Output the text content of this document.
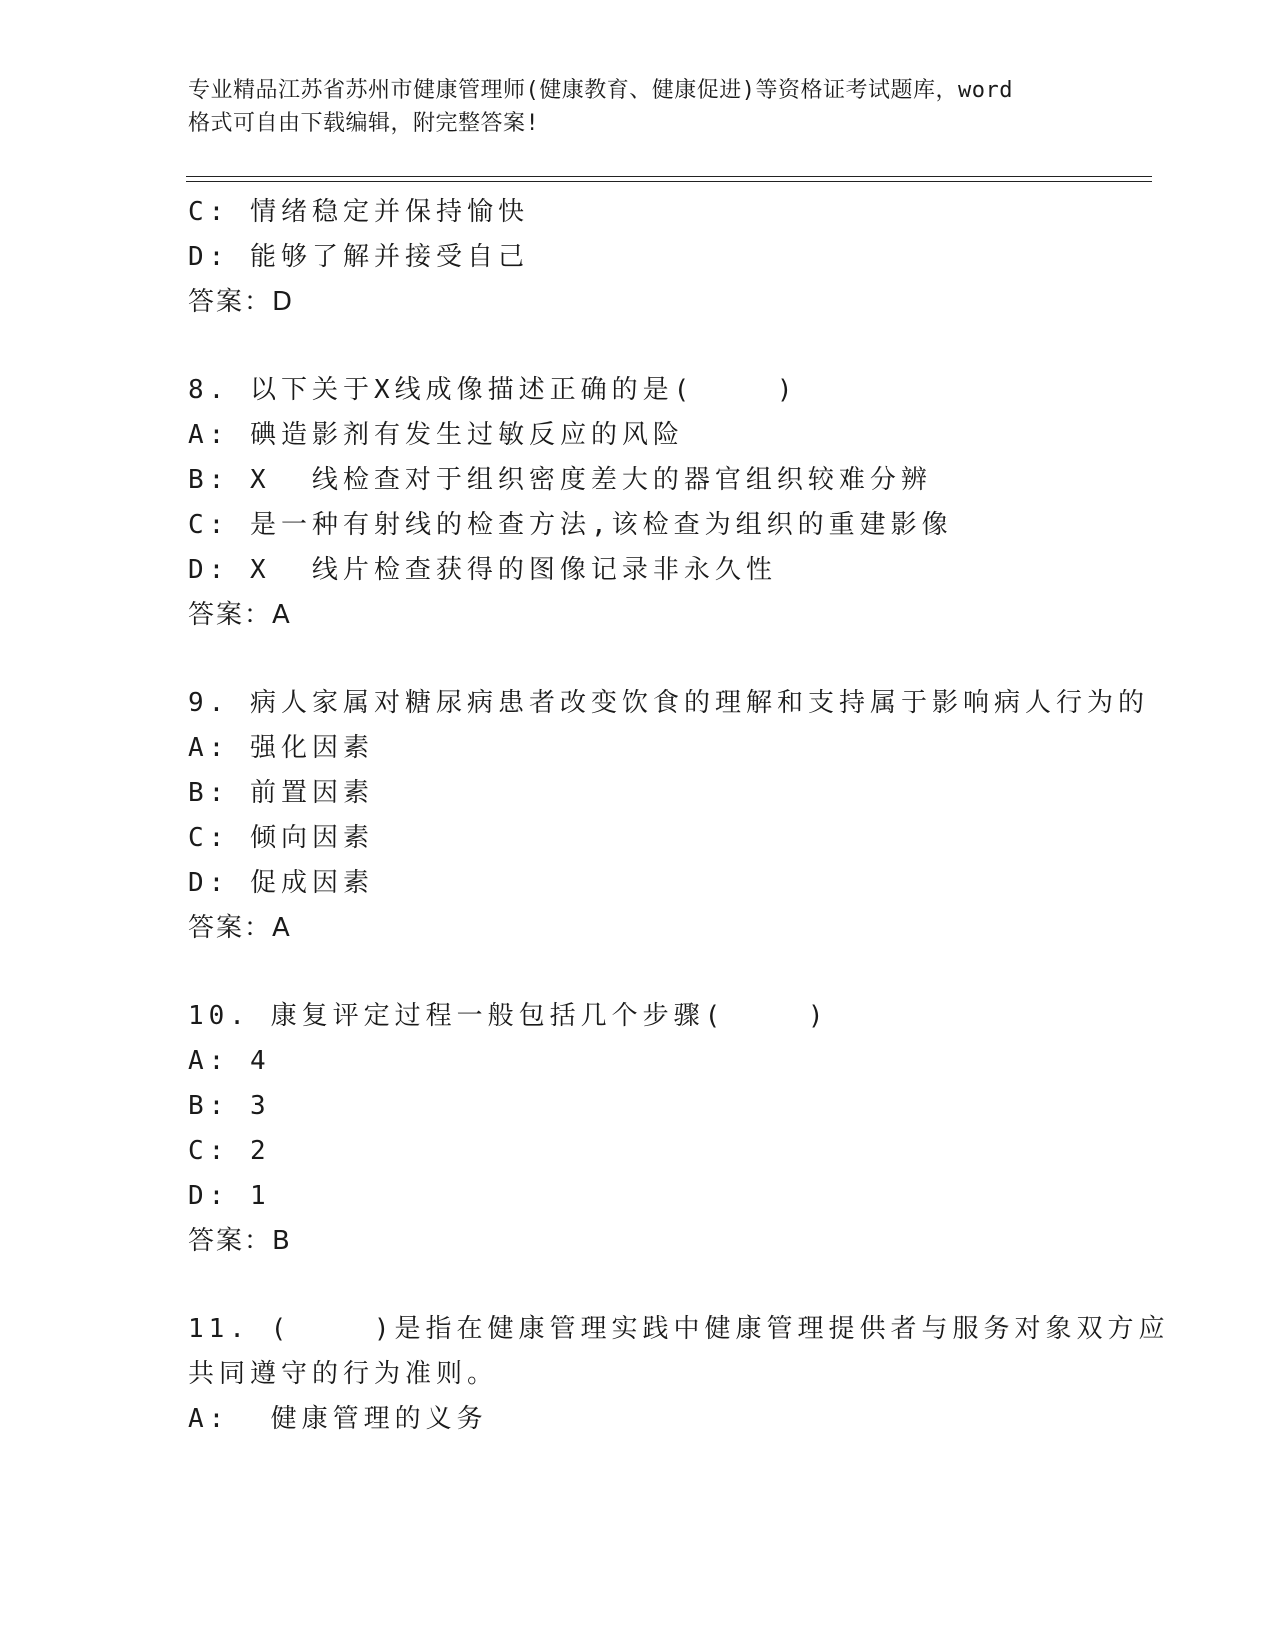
专业精品江苏省苏州市健康管理师(健康教育、健康促进)等资格证考试题库，word
格式可自由下载编辑，附完整答案!
C: 情绪稳定并保持愉快
D: 能够了解并接受自己
答案：D
8. 以下关于X线成像描述正确的是(    )
A: 碘造影剂有发生过敏反应的风险
B: X  线检查对于组织密度差大的器官组织较难分辨
C: 是一种有射线的检查方法,该检查为组织的重建影像
D: X  线片检查获得的图像记录非永久性
答案：A
9. 病人家属对糖尿病患者改变饮食的理解和支持属于影响病人行为的
A: 强化因素
B: 前置因素
C: 倾向因素
D: 促成因素
答案：A
10. 康复评定过程一般包括几个步骤(    )
A: 4
B: 3
C: 2
D: 1
答案：B
11. (    )是指在健康管理实践中健康管理提供者与服务对象双方应
共同遵守的行为准则。
A:  健康管理的义务
